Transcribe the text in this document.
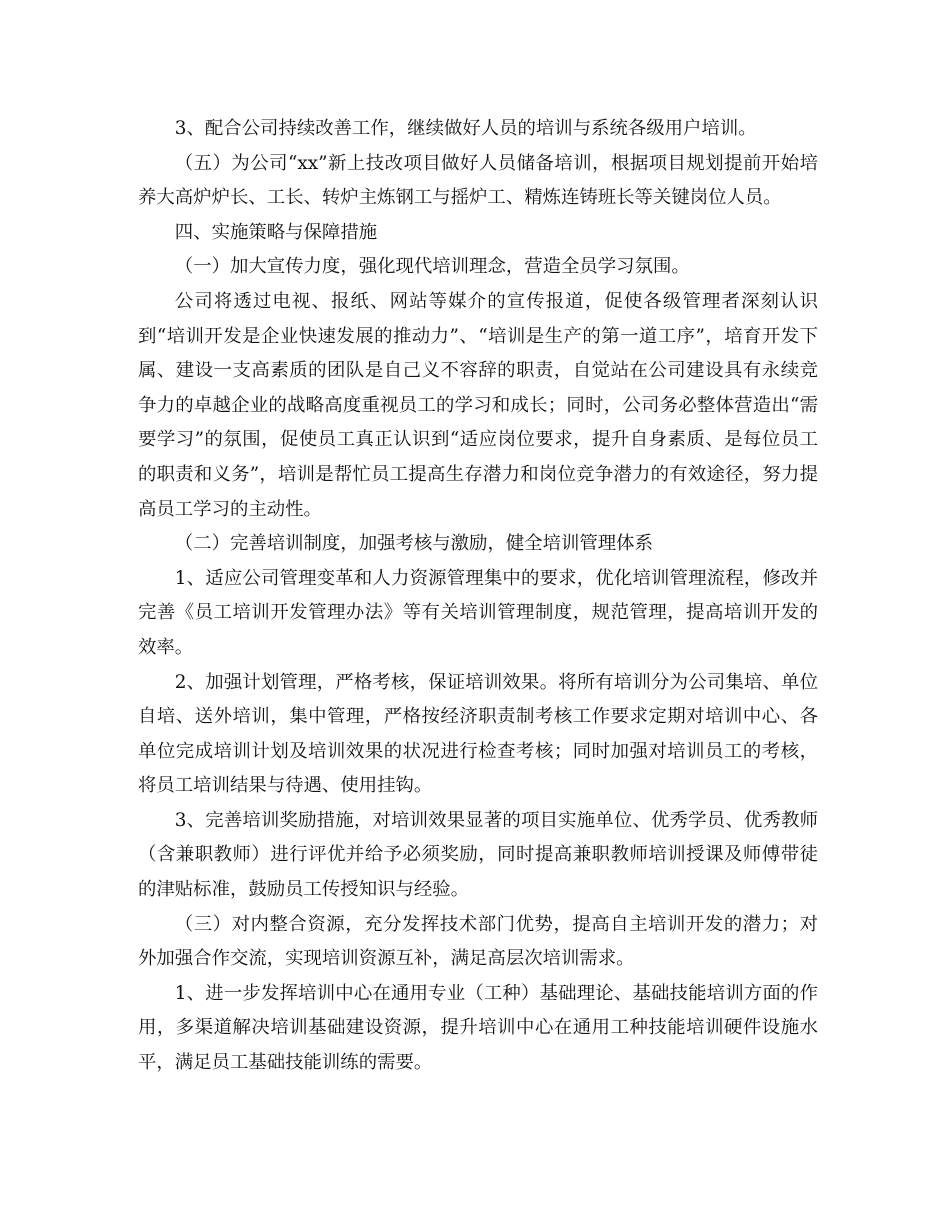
3、配合公司持续改善工作，继续做好人员的培训与系统各级用户培训。

（五）为公司“xx”新上技改项目做好人员储备培训，根据项目规划提前开始培养大高炉炉长、工长、转炉主炼钢工与摇炉工、精炼连铸班长等关键岗位人员。

四、实施策略与保障措施

（一）加大宣传力度，强化现代培训理念，营造全员学习氛围。

公司将透过电视、报纸、网站等媒介的宣传报道，促使各级管理者深刻认识到“培训开发是企业快速发展的推动力”、“培训是生产的第一道工序”，培育开发下属、建设一支高素质的团队是自己义不容辞的职责，自觉站在公司建设具有永续竞争力的卓越企业的战略高度重视员工的学习和成长；同时，公司务必整体营造出“需要学习”的氛围，促使员工真正认识到“适应岗位要求，提升自身素质、是每位员工的职责和义务”，培训是帮忙员工提高生存潜力和岗位竞争潜力的有效途径，努力提高员工学习的主动性。

（二）完善培训制度，加强考核与激励，健全培训管理体系

1、适应公司管理变革和人力资源管理集中的要求，优化培训管理流程，修改并完善《员工培训开发管理办法》等有关培训管理制度，规范管理，提高培训开发的效率。

2、加强计划管理，严格考核，保证培训效果。将所有培训分为公司集培、单位自培、送外培训，集中管理，严格按经济职责制考核工作要求定期对培训中心、各单位完成培训计划及培训效果的状况进行检查考核；同时加强对培训员工的考核，将员工培训结果与待遇、使用挂钩。

3、完善培训奖励措施，对培训效果显著的项目实施单位、优秀学员、优秀教师（含兼职教师）进行评优并给予必须奖励，同时提高兼职教师培训授课及师傅带徒的津贴标准，鼓励员工传授知识与经验。

（三）对内整合资源，充分发挥技术部门优势，提高自主培训开发的潜力；对外加强合作交流，实现培训资源互补，满足高层次培训需求。

1、进一步发挥培训中心在通用专业（工种）基础理论、基础技能培训方面的作用，多渠道解决培训基础建设资源，提升培训中心在通用工种技能培训硬件设施水平，满足员工基础技能训练的需要。
